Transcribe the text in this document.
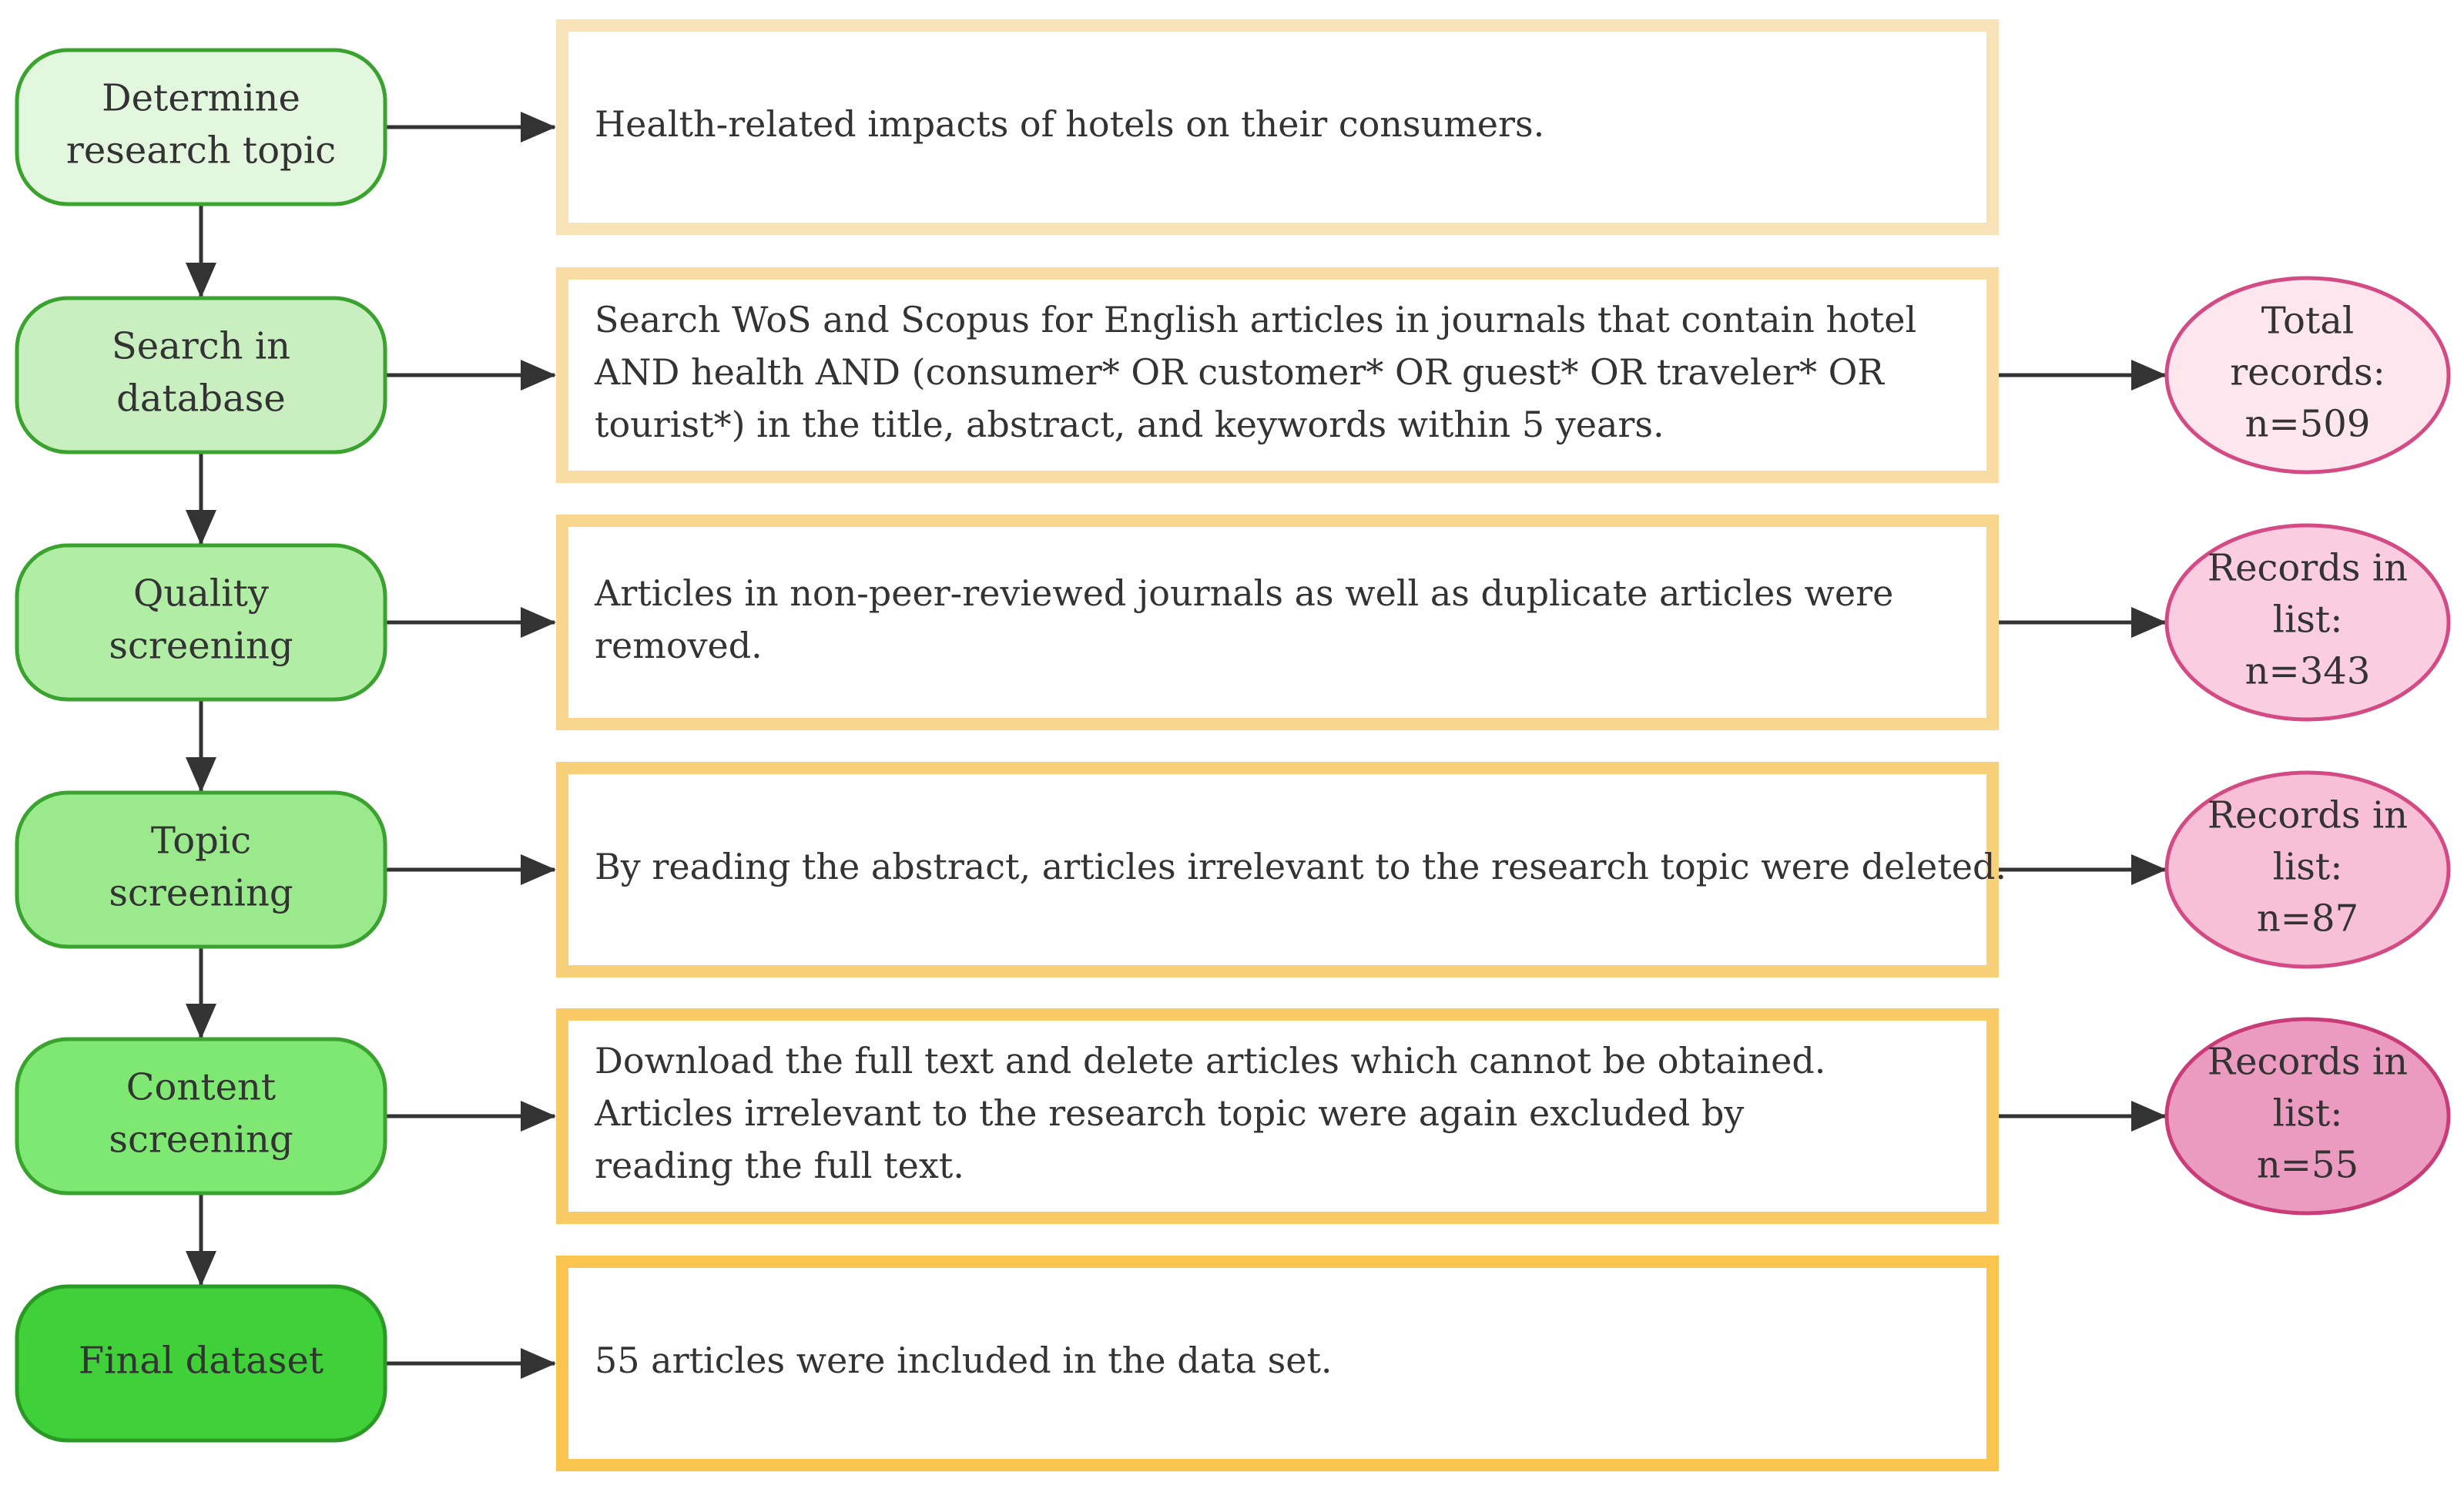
Determine
research topic
Search in
database
Quality
screening
Topic
screening
Content
screening
Final dataset
Health-related impacts of hotels on their consumers.
Search WoS and Scopus for English articles in journals that contain hotel
AND health AND (consumer* OR customer* OR guest* OR traveler* OR
tourist*) in the title, abstract, and keywords within 5 years.
Articles in non-peer-reviewed journals as well as duplicate articles were
removed.
By reading the abstract, articles irrelevant to the research topic were deleted.
Download the full text and delete articles which cannot be obtained.
Articles irrelevant to the research topic were again excluded by
reading the full text.
55 articles were included in the data set.
Total
records:
n=509
Records in
list:
n=343
Records in
list:
n=87
Records in
list:
n=55
